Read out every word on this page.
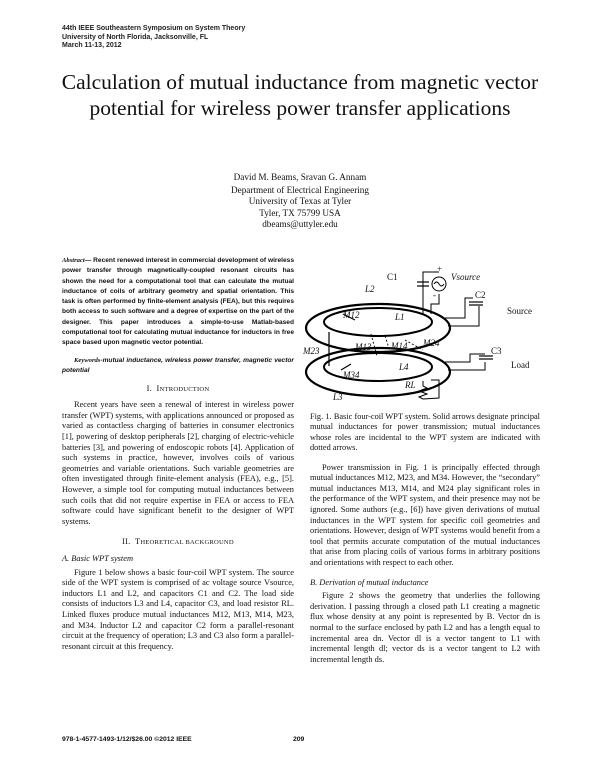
44th IEEE Southeastern Symposium on System Theory
University of North Florida, Jacksonville, FL
March 11-13, 2012
Calculation of mutual inductance from magnetic vector potential for wireless power transfer applications
David M. Beams, Sravan G. Annam
Department of Electrical Engineering
University of Texas at Tyler
Tyler, TX 75799 USA
dbeams@uttyler.edu

Abstract— Recent renewed interest in commercial development of wireless power transfer through magnetically-coupled resonant circuits has shown the need for a computational tool that can calculate the mutual inductance of coils of arbitrary geometry and spatial orientation. This task is often performed by finite-element analysis (FEA), but this requires both access to such software and a degree of expertise on the part of the designer. This paper introduces a simple-to-use Matlab-based computational tool for calculating mutual inductance for inductors in free space based upon magnetic vector potential.

Keywords-mutual inductance, wireless power transfer, magnetic vector potential

I. INTRODUCTION

Recent years have seen a renewal of interest in wireless power transfer (WPT) systems, with applications announced or proposed as varied as contactless charging of batteries in consumer electronics [1], powering of desktop peripherals [2], charging of electric-vehicle batteries [3], and powering of endoscopic robots [4]. Application of such systems in practice, however, involves coils of various geometries and variable orientations. Such variable geometries are often investigated through finite-element analysis (FEA), e.g., [5]. However, a simple tool for computing mutual inductances between such coils that did not require expertise in FEA or access to FEA software could have significant benefit to the designer of WPT systems.

II. THEORETICAL BACKGROUND
A. Basic WPT system

Figure 1 below shows a basic four-coil WPT system. The source side of the WPT system is comprised of ac voltage source Vsource, inductors L1 and L2, and capacitors C1 and C2. The load side consists of inductors L3 and L4, capacitor C3, and load resistor RL. Linked fluxes produce mutual inductances M12, M13, M14, M23, and M34. Inductor L2 and capacitor C2 form a parallel-resonant circuit at the frequency of operation; L3 and C3 also form a parallel-resonant circuit at this frequency.

C1
+
-
Vsource
L2
C2
M12	L1
Source
M23	M13 M14 M24
C3
L4	Load
M34
L3
RL

Fig. 1. Basic four-coil WPT system. Solid arrows designate principal mutual inductances for power transmission; mutual inductances whose roles are incidental to the WPT system are indicated with dotted arrows.

Power transmission in Fig. 1 is principally effected through mutual inductances M12, M23, and M34. However, the “secondary” mutual inductances M13, M14, and M24 play significant roles in the performance of the WPT system, and their presence may not be ignored. Some authors (e.g., [6]) have given derivations of mutual inductances in the WPT system for specific coil geometries and orientations. However, design of WPT systems would benefit from a tool that permits accurate computation of the mutual inductances that arise from placing coils of various forms in arbitrary positions and orientations with respect to each other.

B. Derivation of mutual inductance

Figure 2 shows the geometry that underlies the following derivation. I passing through a closed path L1 creating a magnetic flux whose density at any point is represented by B. Vector dn is normal to the surface enclosed by path L2 and has a length equal to incremental area dn. Vector dl is a vector tangent to L1 with incremental length dl; vector ds is a vector tangent to L2 with incremental length ds.

978-1-4577-1493-1/12/$26.00 ©2012 IEEE	209
